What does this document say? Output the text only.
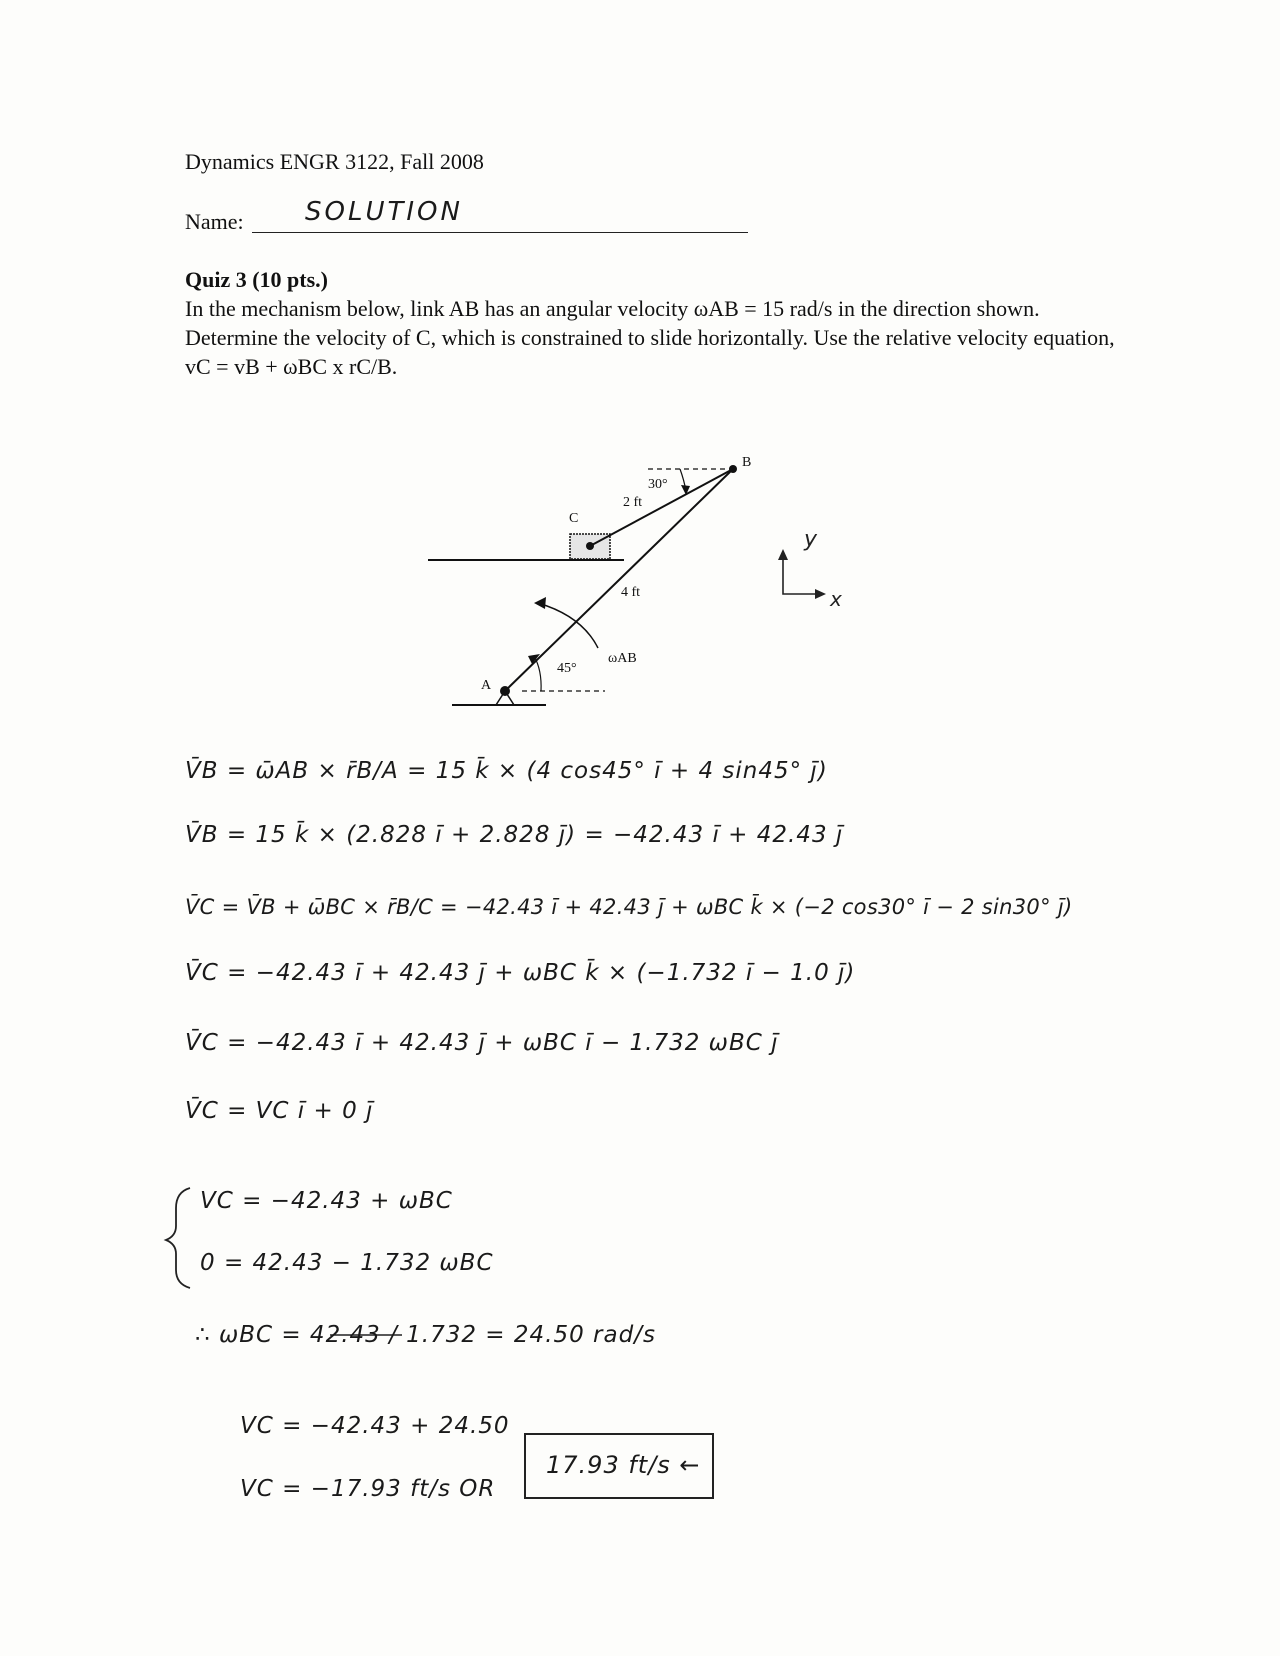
Dynamics ENGR 3122, Fall 2008
Name: SOLUTION
Quiz 3 (10 pts.)
In the mechanism below, link AB has an angular velocity ωAB = 15 rad/s in the direction shown. Determine the velocity of C, which is constrained to slide horizontally. Use the relative velocity equation, vC = vB + ωBC x rC/B.
B
C
A
30°
2 ft
4 ft
ωAB
45°
y
x
V̄B = ω̄AB × r̄B/A = 15 k̄ × (4 cos45° ī + 4 sin45° j̄)
V̄B = 15 k̄ × (2.828 ī + 2.828 j̄) = −42.43 ī + 42.43 j̄
V̄C = V̄B + ω̄BC × r̄B/C = −42.43 ī + 42.43 j̄ + ωBC k̄ × (−2 cos30° ī − 2 sin30° j̄)
V̄C = −42.43 ī + 42.43 j̄ + ωBC k̄ × (−1.732 ī − 1.0 j̄)
V̄C = −42.43 ī + 42.43 j̄ + ωBC ī − 1.732 ωBC j̄
V̄C = VC ī + 0 j̄
VC = −42.43 + ωBC
0 = 42.43 − 1.732 ωBC
∴ ωBC = 42.43 / 1.732 = 24.50 rad/s
VC = −42.43 + 24.50
VC = −17.93 ft/s OR
17.93 ft/s ←
